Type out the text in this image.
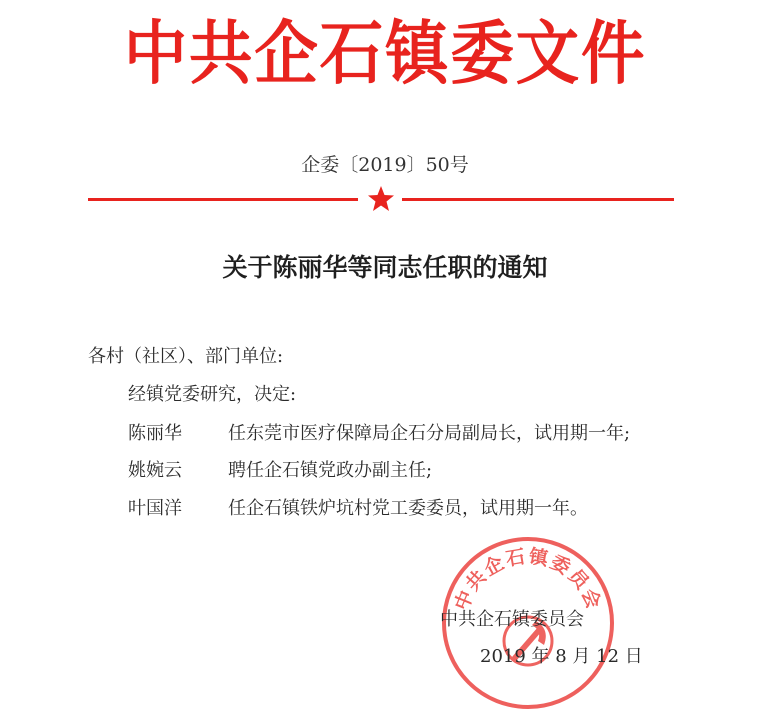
中共企石镇委文件
企委〔2019〕50号
关于陈丽华等同志任职的通知
各村（社区）、部门单位:
经镇党委研究，决定:
陈丽华	任东莞市医疗保障局企石分局副局长，试用期一年;
姚婉云	聘任企石镇党政办副主任;
叶国洋	任企石镇铁炉坑村党工委委员，试用期一年。
中共企石镇委员会
中共企石镇委员会
2019 年 8 月 12 日
